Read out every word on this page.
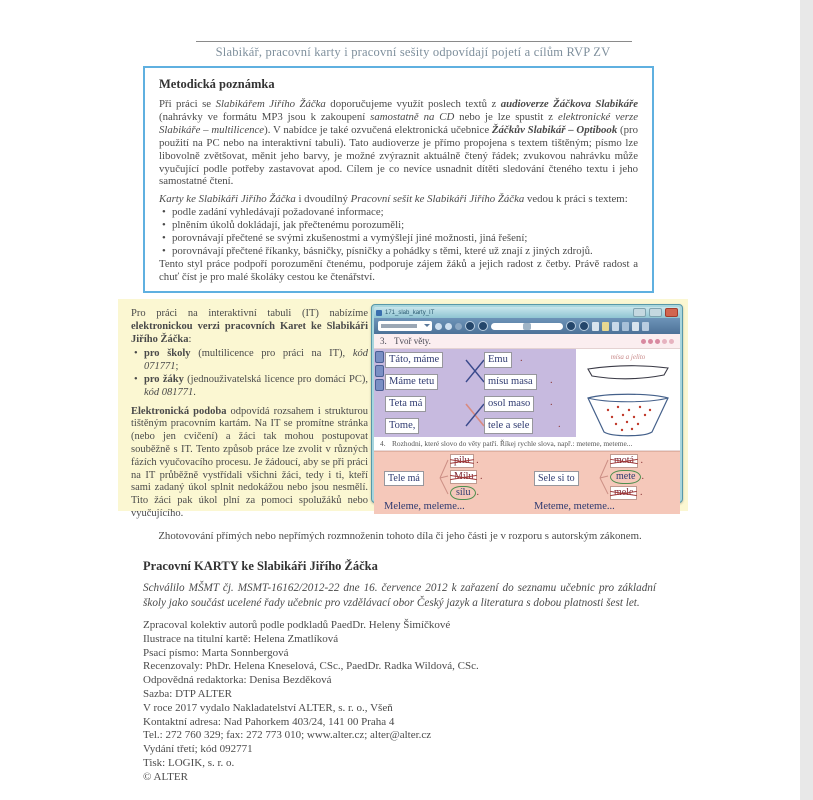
Slabikář, pracovní karty i pracovní sešity odpovídají pojetí a cílům RVP ZV
Metodická poznámka

Při práci se Slabikářem Jiřího Žáčka doporučujeme využít poslech textů z audioverze Žáčkova Slabikáře (nahrávky ve formátu MP3 jsou k zakoupení samostatně na CD nebo je lze spustit z elektronické verze Slabikáře – multilicence). V nabídce je také ozvučená elektronická učebnice Žáčkův Slabikář – Optibook (pro použití na PC nebo na interaktivní tabuli). Tato audioverze je přímo propojena s textem tištěným; písmo lze libovolně zvětšovat, měnit jeho barvy, je možné zvýraznit aktuálně čtený řádek; zvukovou nahrávku může vyučující podle potřeby zastavovat apod. Cílem je co nevíce usnadnit dítěti sledování čteného textu i jeho samostatné čtení.

Karty ke Slabikáři Jiřího Žáčka i dvoudílný Pracovní sešit ke Slabikáři Jiřího Žáčka vedou k práci s textem:
• podle zadání vyhledávají požadované informace;
• plněním úkolů dokládají, jak přečtenému porozuměli;
• porovnávají přečtené se svými zkušenostmi a vymýšlejí jiné možnosti, jiná řešení;
• porovnávají přečtené říkanky, básničky, písničky a pohádky s těmi, které už znají z jiných zdrojů.
Tento styl práce podpoří porozumění čtenému, podporuje zájem žáků a jejich radost z četby. Právě radost a chuť číst je pro malé školáky cestou ke čtenářství.

Pro práci na interaktivní tabuli (IT) nabízíme elektronickou verzi pracovních Karet ke Slabikáři Jiřího Žáčka:

• pro školy (multilicence pro práci na IT), kód 071771;
• pro žáky (jednouživatelská licence pro domácí PC), kód 081771.

Elektronická podoba odpovídá rozsahem i strukturou tištěným pracovním kartám. Na IT se promítne stránka (nebo jen cvičení) a žáci tak mohou postupovat souběžně s IT. Tento způsob práce lze zvolit v různých fázích vyučovacího procesu. Je žádoucí, aby se při práci na IT průběžně vystřídali všichni žáci, tedy i ti, kteří sami zadaný úkol splnit nedokážou nebo jsou nesmělí. Tito žáci pak úkol plní za pomoci spolužáků nebo vyučujícího.

171_slab_karty_IT
3. Tvoř věty.
Táto, máme
Máme tetu
Teta má
Tome,
Emu
mísu masa
osol maso
tele a sele
.
.
.
.
mísa a jelito

4. Rozhodni, které slovo do věty patří. Říkej rychle slova, např.: meteme, meteme...
Tele má
pilu .
Mílu .
sílu .
Meleme, meleme...
Sele si to
motá .
mete .
mele .
Meteme, meteme...
Zhotovování přímých nebo nepřímých rozmnoženin tohoto díla či jeho části je v rozporu s autorským zákonem.
Pracovní KARTY ke Slabikáři Jiřího Žáčka
Schválilo MŠMT čj. MSMT-16162/2012-22 dne 16. července 2012 k zařazení do seznamu učebnic pro základní školy jako součást ucelené řady učebnic pro vzdělávací obor Český jazyk a literatura s dobou platnosti šest let.
Zpracoval kolektiv autorů podle podkladů PaedDr. Heleny Šimíčkové
Ilustrace na titulní kartě: Helena Zmatlíková
Psací písmo: Marta Sonnbergová
Recenzovaly: PhDr. Helena Kneselová, CSc., PaedDr. Radka Wildová, CSc.
Odpovědná redaktorka: Denisa Bezděková
Sazba: DTP ALTER
V roce 2017 vydalo Nakladatelství ALTER, s. r. o., Všeň
Kontaktní adresa: Nad Pahorkem 403/24, 141 00 Praha 4
Tel.: 272 760 329; fax: 272 773 010; www.alter.cz; alter@alter.cz
Vydání třetí; kód 092771
Tisk: LOGIK, s. r. o.
© ALTER
